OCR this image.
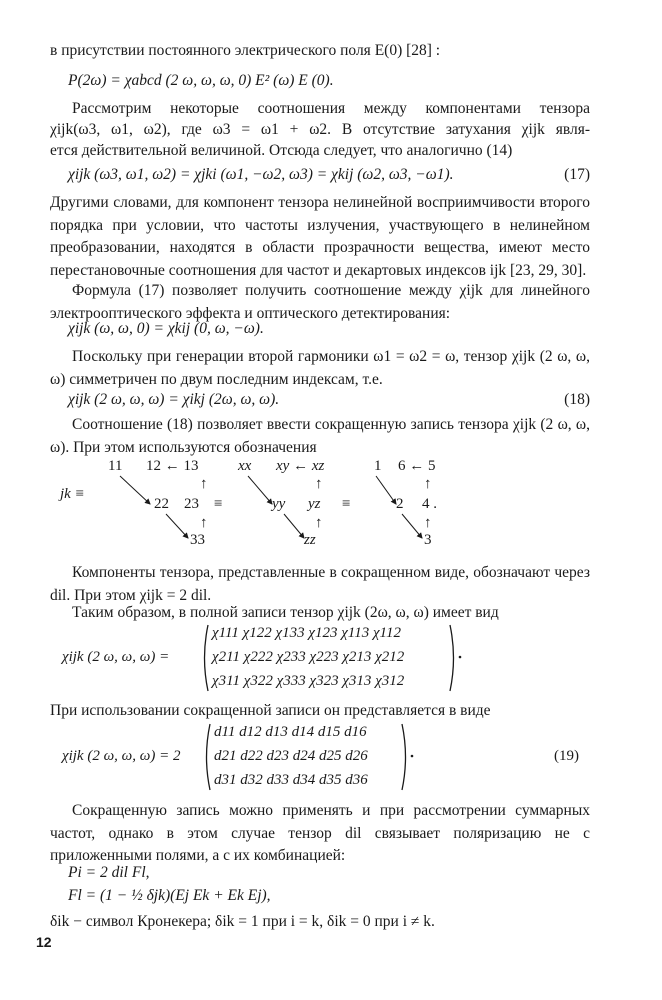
в присутствии постоянного электрического поля E(0) [28] :
P(2ω) = χabcd (2 ω, ω, ω, 0) E² (ω) E (0).
Рассмотрим некоторые соотношения между компонентами тензора
χijk(ω3, ω1, ω2), где ω3 = ω1 + ω2. В отсутствие затухания χijk явля-
ется действительной величиной. Отсюда следует, что аналогично (14)
χijk (ω3, ω1, ω2) = χjki (ω1, −ω2, ω3) = χkij (ω2, ω3, −ω1).	(17)
Другими словами, для компонент тензора нелинейной восприимчивости второго порядка при условии, что частоты излучения, участвующего в нелинейном преобразовании, находятся в области прозрачности вещества, имеют место перестановочные соотношения для частот и декартовых индексов ijk [23, 29, 30].
Формула (17) позволяет получить соотношение между χijk для линейного электрооптического эффекта и оптического детектирования:
χijk (ω, ω, 0) = χkij (0, ω, −ω).
Поскольку при генерации второй гармоники ω1 = ω2 = ω, тензор χijk (2 ω, ω, ω) симметричен по двум последним индексам, т.е.
χijk (2 ω, ω, ω) = χikj (2ω, ω, ω).	(18)
Соотношение (18) позволяет ввести сокращенную запись тензора χijk (2 ω, ω, ω). При этом используются обозначения
jk ≡
11 12 ← 13
↑
22 23
↑
33
≡
xx xy ← xz
↑
yy yz
↑
zz
≡
1 6 ← 5
↑
2 4 .
↑
3
Компоненты тензора, представленные в сокращенном виде, обозначают через dil. При этом χijk = 2 dil.
Таким образом, в полной записи тензор χijk (2ω, ω, ω) имеет вид
χijk (2 ω, ω, ω) =
χ111 χ122 χ133 χ123 χ113 χ112
χ211 χ222 χ233 χ223 χ213 χ212
χ311 χ322 χ333 χ323 χ313 χ312
При использовании сокращенной записи он представляется в виде
χijk (2 ω, ω, ω) = 2
d11 d12 d13 d14 d15 d16
d21 d22 d23 d24 d25 d26
d31 d32 d33 d34 d35 d36
(19)
Сокращенную запись можно применять и при рассмотрении суммарных частот, однако в этом случае тензор dil связывает поляризацию не с приложенными полями, а с их комбинацией:
Pi = 2 dil Fl,
Fl = (1 − ½ δjk)(Ej Ek + Ek Ej),
δik − символ Кронекера; δik = 1 при i = k, δik = 0 при i ≠ k.
12
